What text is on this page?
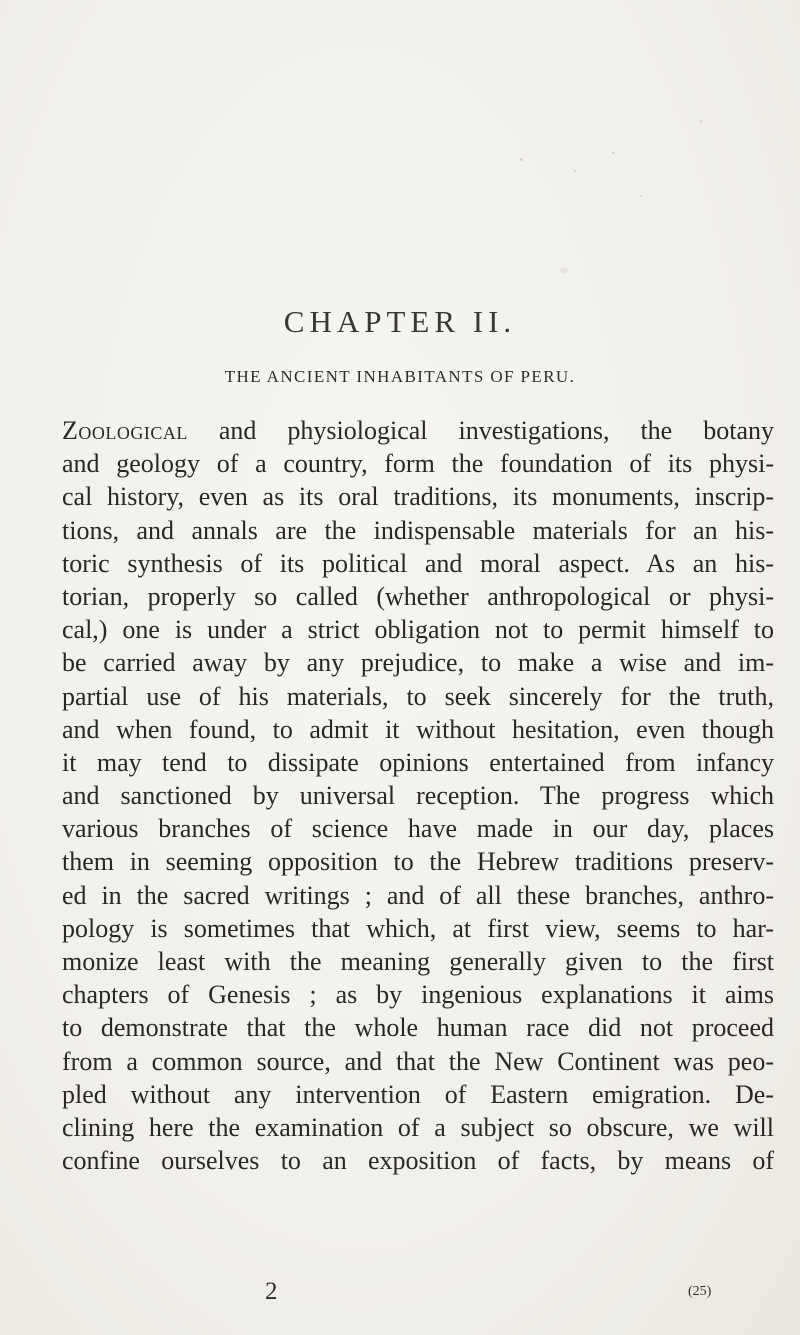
CHAPTER II.
THE ANCIENT INHABITANTS OF PERU.
Zoological and physiological investigations, the botany
and geology of a country, form the foundation of its physi-
cal history, even as its oral traditions, its monuments, inscrip-
tions, and annals are the indispensable materials for an his-
toric synthesis of its political and moral aspect. As an his-
torian, properly so called (whether anthropological or physi-
cal,) one is under a strict obligation not to permit himself to
be carried away by any prejudice, to make a wise and im-
partial use of his materials, to seek sincerely for the truth,
and when found, to admit it without hesitation, even though
it may tend to dissipate opinions entertained from infancy
and sanctioned by universal reception. The progress which
various branches of science have made in our day, places
them in seeming opposition to the Hebrew traditions preserv-
ed in the sacred writings ; and of all these branches, anthro-
pology is sometimes that which, at first view, seems to har-
monize least with the meaning generally given to the first
chapters of Genesis ; as by ingenious explanations it aims
to demonstrate that the whole human race did not proceed
from a common source, and that the New Continent was peo-
pled without any intervention of Eastern emigration. De-
clining here the examination of a subject so obscure, we will
confine ourselves to an exposition of facts, by means of
2	(25)
